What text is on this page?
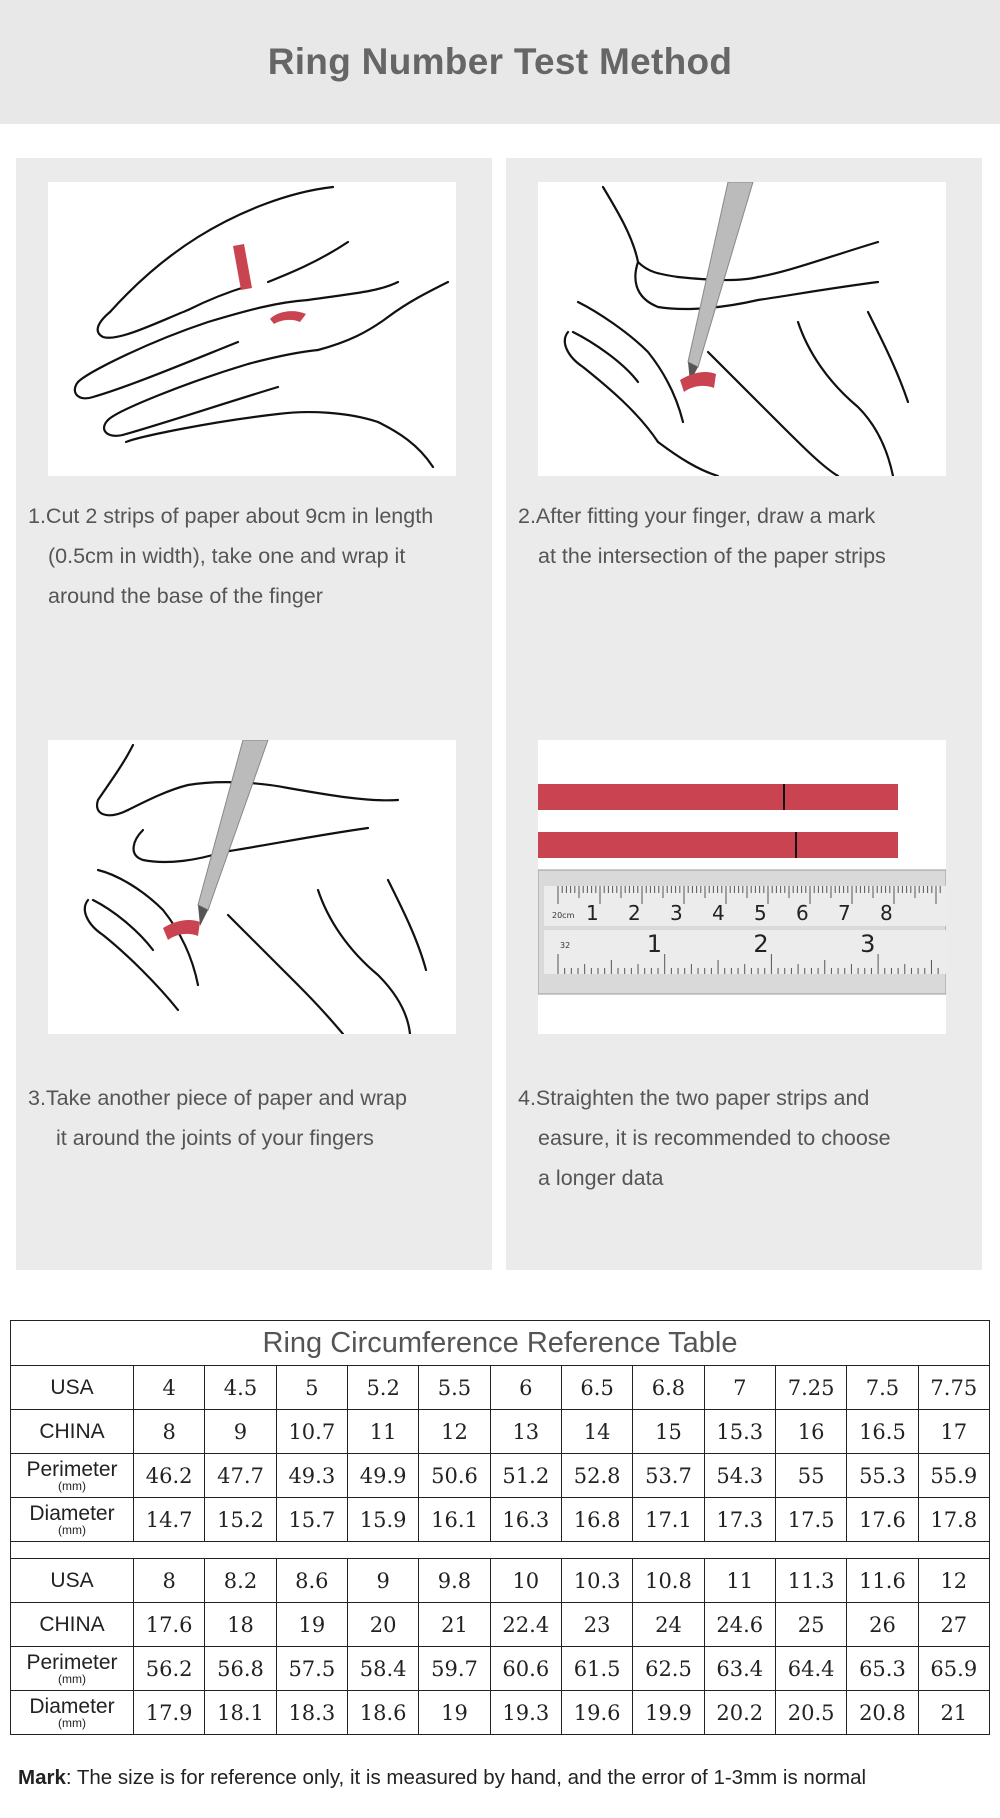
Ring Number Test Method
1.Cut 2 strips of paper about 9cm in length
(0.5cm in width), take one and wrap it
around the base of the finger
2.After fitting your finger, draw a mark
at the intersection of the paper strips
3.Take another piece of paper and wrap
it around the joints of your fingers
20cm
32
1 2 3 4 5 6 7 8
1	2	3
4.Straighten the two paper strips and
easure, it is recommended to choose
a longer data
Ring Circumference Reference Table												
USA	4	4.5	5	5.2	5.5	6	6.5	6.8	7	7.25	7.5	7.75
CHINA	8	9	10.7	11	12	13	14	15	15.3	16	16.5	17
Perimeter
(mm)	46.2	47.7	49.3	49.9	50.6	51.2	52.8	53.7	54.3	55	55.3	55.9
Diameter
(mm)	14.7	15.2	15.7	15.9	16.1	16.3	16.8	17.1	17.3	17.5	17.6	17.8

USA	8	8.2	8.6	9	9.8	10	10.3	10.8	11	11.3	11.6	12
CHINA	17.6	18	19	20	21	22.4	23	24	24.6	25	26	27
Perimeter
(mm)	56.2	56.8	57.5	58.4	59.7	60.6	61.5	62.5	63.4	64.4	65.3	65.9
Diameter
(mm)	17.9	18.1	18.3	18.6	19	19.3	19.6	19.9	20.2	20.5	20.8	21
Mark: The size is for reference only, it is measured by hand, and the error of 1-3mm is normal
